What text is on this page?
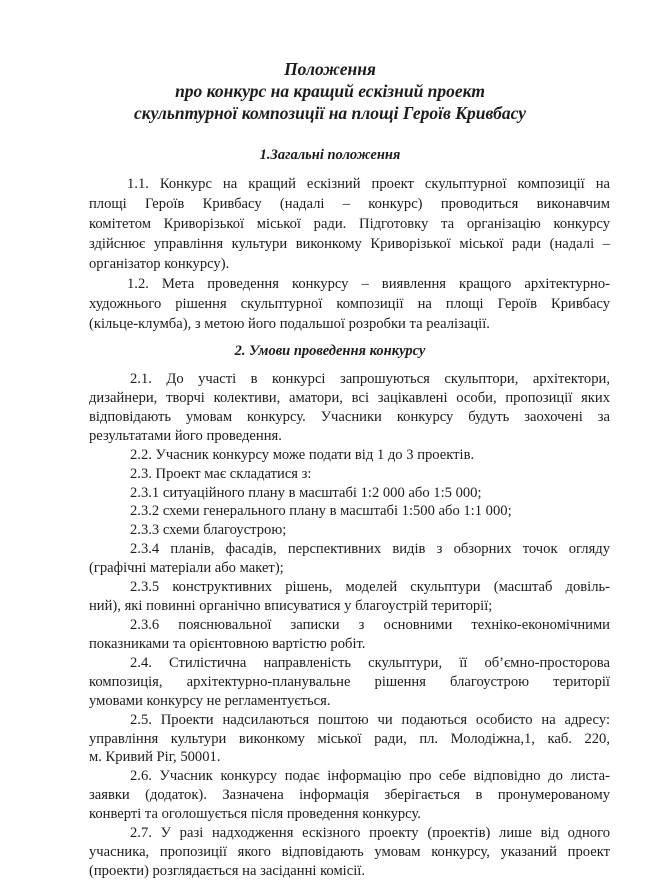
Положення
про конкурс на кращий ескізний проект
скульптурної композиції на площі Героїв Кривбасу
1.Загальні положення
1.1. Конкурс на кращий ескізний проект скульптурної композиції на
площі Героїв Кривбасу (надалі – конкурс) проводиться виконавчим
комітетом Криворізької міської ради. Підготовку та організацію конкурсу
здійснює управління культури виконкому Криворізької міської ради (надалі –
організатор конкурсу).
1.2. Мета проведення конкурсу – виявлення кращого архітектурно-
художнього рішення скульптурної композиції на площі Героїв Кривбасу
(кільце-клумба), з метою його подальшої розробки та реалізації.
2. Умови проведення конкурсу
2.1. До участі в конкурсі запрошуються скульптори, архітектори,
дизайнери, творчі колективи, аматори, всі зацікавлені особи, пропозиції яких
відповідають умовам конкурсу. Учасники конкурсу будуть заохочені за
результатами його проведення.
2.2. Учасник конкурсу може подати від 1 до 3 проектів.
2.3. Проект має складатися з:
2.3.1 ситуаційного плану в масштабі 1:2 000 або 1:5 000;
2.3.2 схеми генерального плану в масштабі 1:500 або 1:1 000;
2.3.3 схеми благоустрою;
2.3.4 планів, фасадів, перспективних видів з обзорних точок огляду
(графічні матеріали або макет);
2.3.5 конструктивних рішень, моделей скульптури (масштаб довіль-
ний), які повинні органічно вписуватися у благоустрій території;
2.3.6 пояснювальної записки з основними техніко-економічними
показниками та орієнтовною вартістю робіт.
2.4. Стилістична направленість скульптури, її об’ємно-просторова
композиція, архітектурно-планувальне рішення благоустрою території
умовами конкурсу не регламентується.
2.5. Проекти надсилаються поштою чи подаються особисто на адресу:
управління культури виконкому міської ради, пл. Молодіжна,1, каб. 220,
м. Кривий Ріг, 50001.
2.6. Учасник конкурсу подає інформацію про себе відповідно до листа-
заявки (додаток). Зазначена інформація зберігається в пронумерованому
конверті та оголошується після проведення конкурсу.
2.7. У разі надходження ескізного проекту (проектів) лише від одного
учасника, пропозиції якого відповідають умовам конкурсу, указаний проект
(проекти) розглядається на засіданні комісії.
